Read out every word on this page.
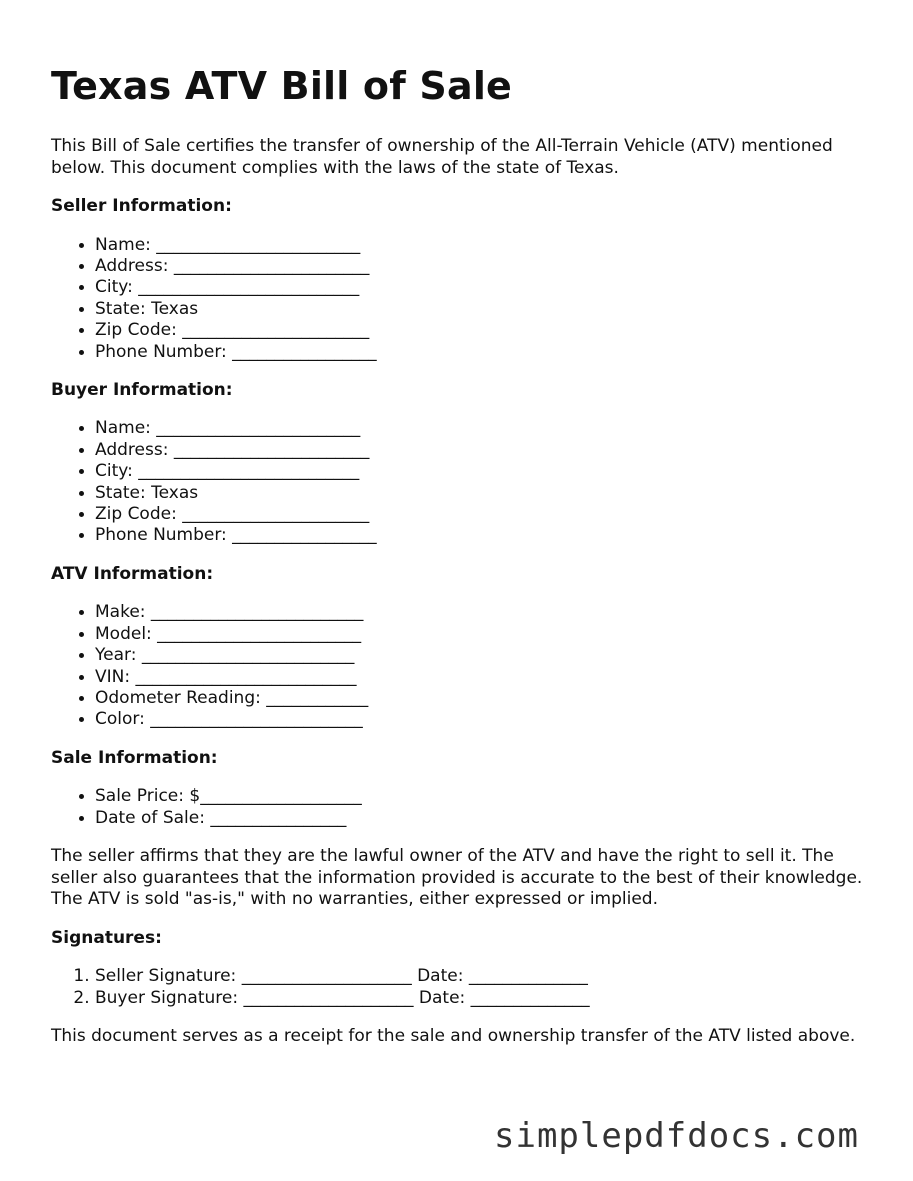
Texas ATV Bill of Sale

This Bill of Sale certifies the transfer of ownership of the All-Terrain Vehicle (ATV) mentioned below. This document complies with the laws of the state of Texas.

Seller Information:
• Name: ________________________
• Address: _______________________
• City: __________________________
• State: Texas
• Zip Code: ______________________
• Phone Number: _________________
Buyer Information:
• Name: ________________________
• Address: _______________________
• City: __________________________
• State: Texas
• Zip Code: ______________________
• Phone Number: _________________
ATV Information:
• Make: _________________________
• Model: ________________________
• Year: _________________________
• VIN: __________________________
• Odometer Reading: ____________
• Color: _________________________
Sale Information:
• Sale Price: $___________________
• Date of Sale: ________________

The seller affirms that they are the lawful owner of the ATV and have the right to sell it. The seller also guarantees that the information provided is accurate to the best of their knowledge. The ATV is sold "as-is," with no warranties, either expressed or implied.

Signatures:
1. Seller Signature: ____________________ Date: ______________
2. Buyer Signature: ____________________ Date: ______________

This document serves as a receipt for the sale and ownership transfer of the ATV listed above.

simplepdfdocs.com
